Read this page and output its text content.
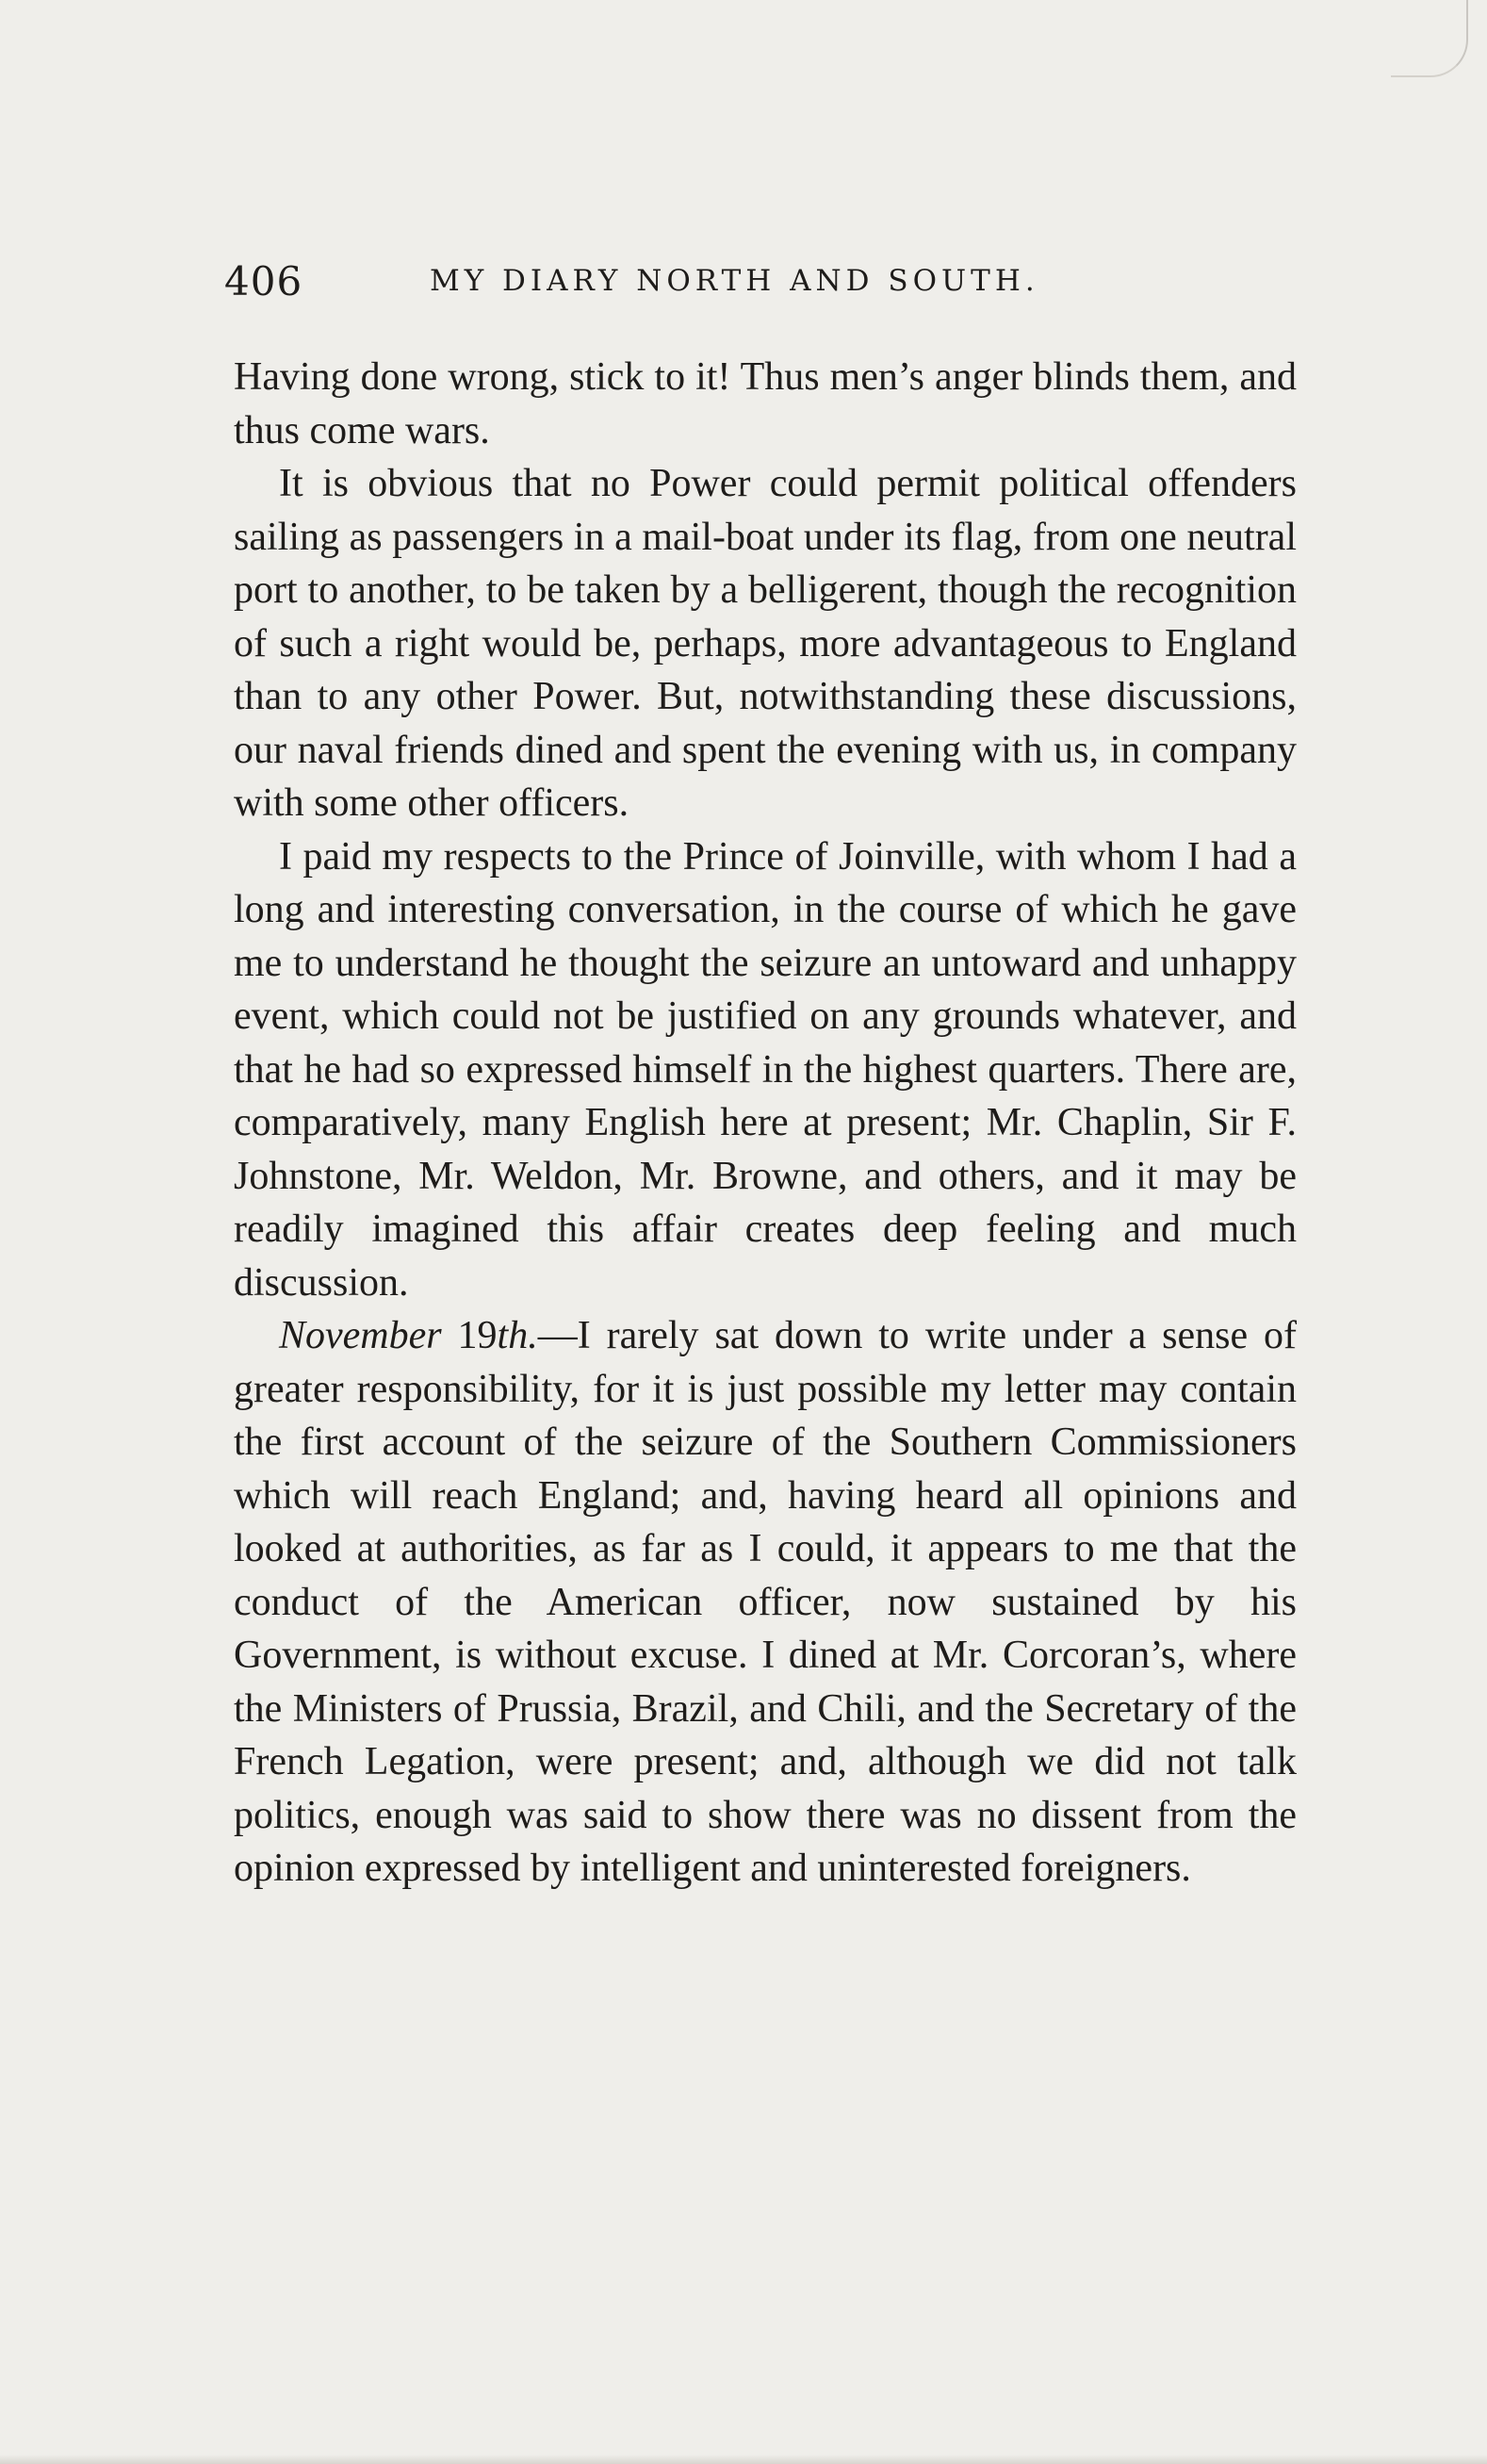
406	MY DIARY NORTH AND SOUTH.

Having done wrong, stick to it! Thus men’s anger blinds them, and thus come wars.

It is obvious that no Power could permit political offenders sailing as passengers in a mail-boat under its flag, from one neutral port to another, to be taken by a belligerent, though the recognition of such a right would be, perhaps, more advantageous to England than to any other Power. But, notwithstanding these discussions, our naval friends dined and spent the evening with us, in company with some other officers.

I paid my respects to the Prince of Joinville, with whom I had a long and interesting conversation, in the course of which he gave me to understand he thought the seizure an untoward and unhappy event, which could not be justified on any grounds whatever, and that he had so expressed himself in the highest quarters. There are, comparatively, many English here at present; Mr. Chaplin, Sir F. Johnstone, Mr. Weldon, Mr. Browne, and others, and it may be readily imagined this affair creates deep feeling and much discussion.

November 19th.—I rarely sat down to write under a sense of greater responsibility, for it is just possible my letter may contain the first account of the seizure of the Southern Commissioners which will reach England; and, having heard all opinions and looked at authorities, as far as I could, it appears to me that the conduct of the American officer, now sustained by his Government, is without excuse. I dined at Mr. Corcoran’s, where the Ministers of Prussia, Brazil, and Chili, and the Secretary of the French Legation, were present; and, although we did not talk politics, enough was said to show there was no dissent from the opinion expressed by intelligent and uninterested foreigners.
